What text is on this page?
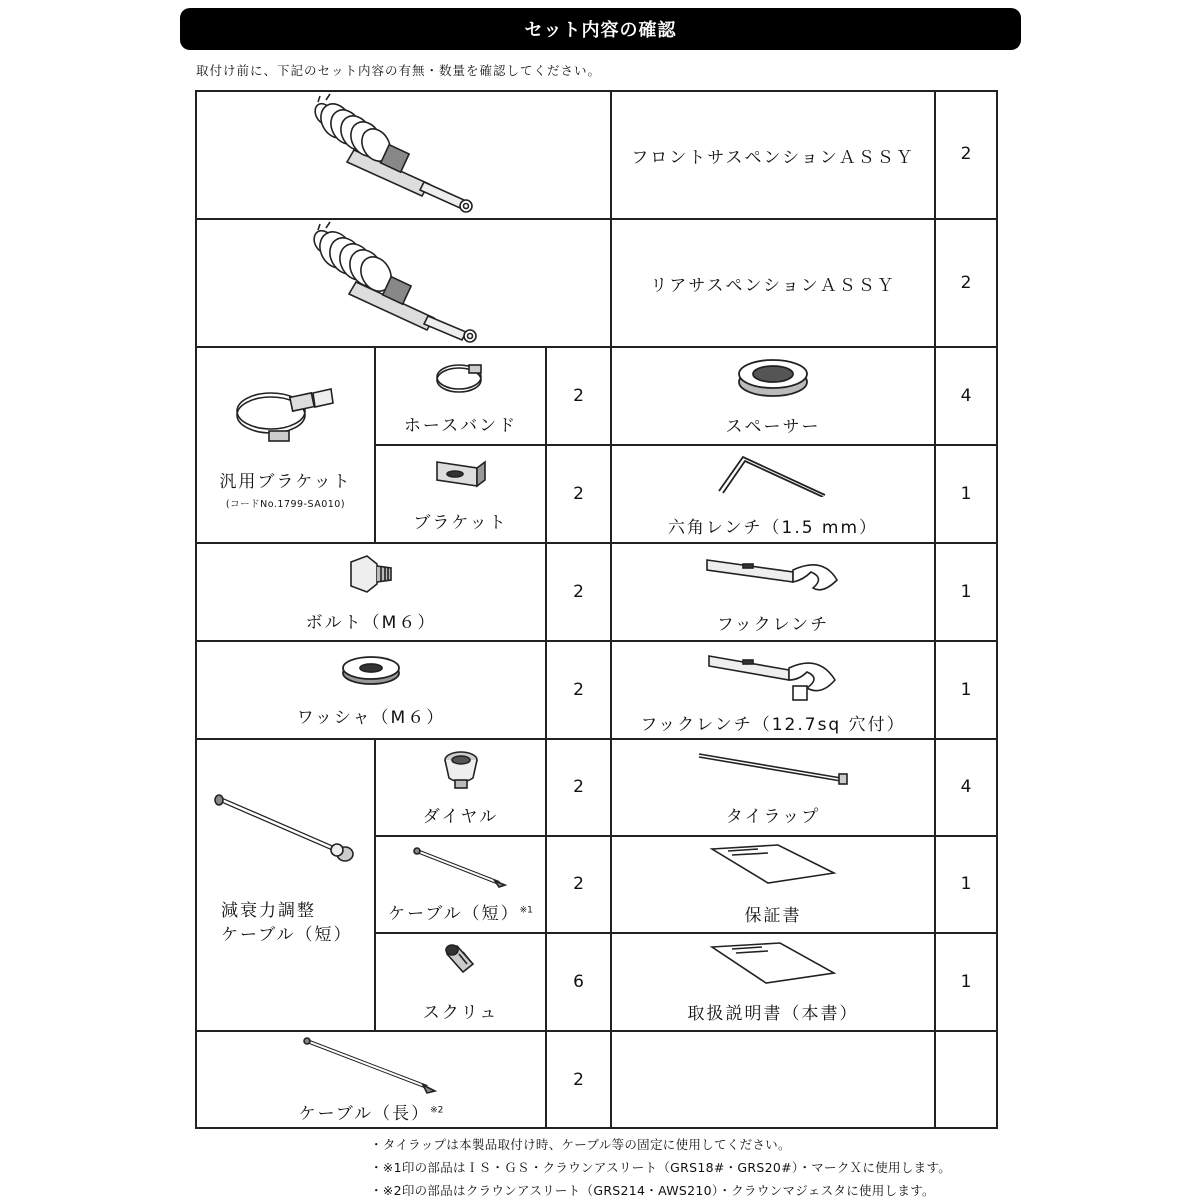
セット内容の確認
取付け前に、下記のセット内容の有無・数量を確認してください。
フロントサスペンションＡＳＳＹ	2
リアサスペンションＡＳＳＹ	2
汎用ブラケット
(コードNo.1799-SA010)
ホースバンド
2
スペーサー
4
ブラケット
2
六角レンチ（1.5 mm）
1
ボルト（M６）
2
フックレンチ
1
ワッシャ（M６）
2
フックレンチ（12.7sq 穴付）
1
減衰力調整
ケーブル（短）
ダイヤル
2
タイラップ
4
ケーブル（短）$^{※1}$
2
保証書
1
スクリュ
6
取扱説明書（本書）
1
ケーブル（長）$^{※2}$
2
・タイラップは本製品取付け時、ケーブル等の固定に使用してください。
・※1印の部品はＩＳ・ＧＳ・クラウンアスリート（GRS18#・GRS20#）・マークＸに使用します。
・※2印の部品はクラウンアスリート（GRS214・AWS210）・クラウンマジェスタに使用します。
